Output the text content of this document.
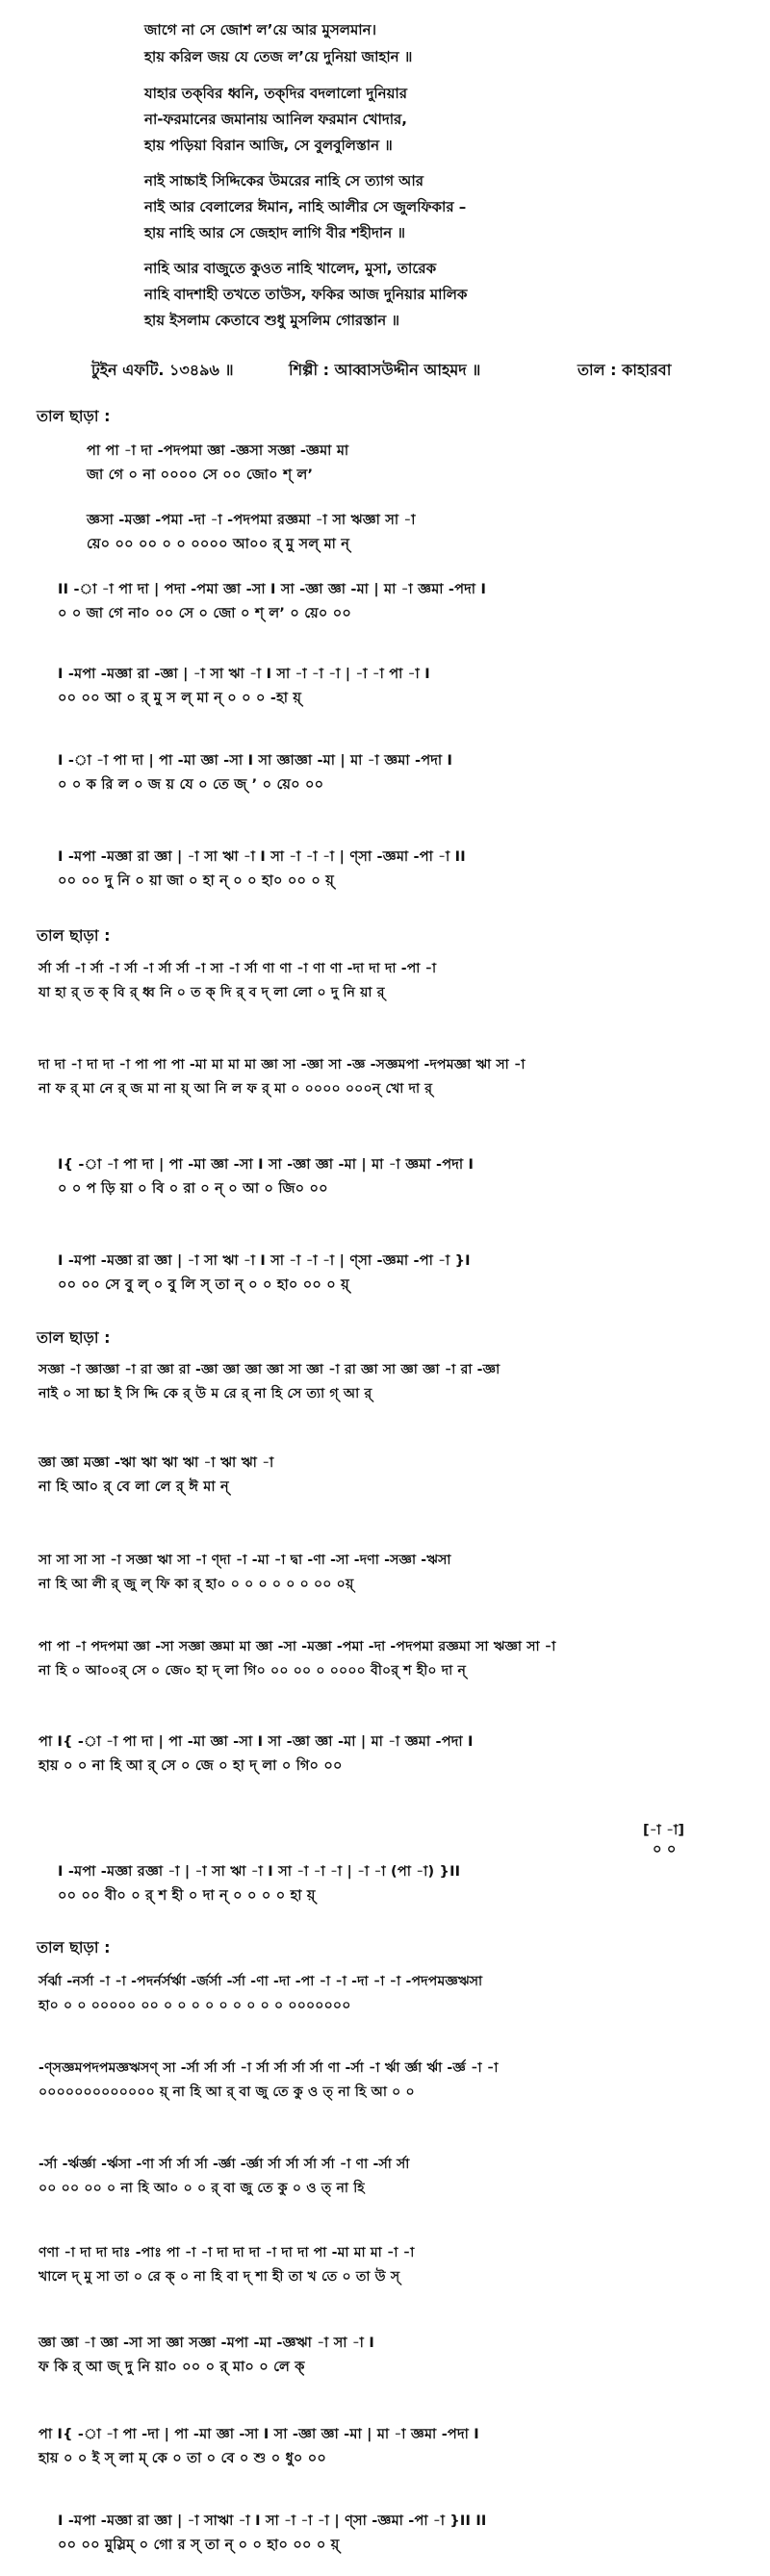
জাগে না সে জোশ ল’য়ে আর মুসলমান।
হায় করিল জয় যে তেজ ল’য়ে দুনিয়া জাহান ॥
যাহার তক্‌বির ধ্বনি, তক্‌দির বদলালো দুনিয়ার
না-ফরমানের জমানায় আনিল ফরমান খোদার,
হায় পড়িয়া বিরান আজি, সে বুলবুলিস্তান ॥
নাই সাচ্চাই সিদ্দিকের উমরের নাহি সে ত্যাগ আর
নাই আর বেলালের ঈমান, নাহি আলীর সে জুলফিকার –
হায় নাহি আর সে জেহাদ লাগি বীর শহীদান ॥
নাহি আর বাজুতে কুওত নাহি খালেদ, মুসা, তারেক
নাহি বাদশাহী তখতে তাউস, ফকির আজ দুনিয়ার মালিক
হায় ইসলাম কেতাবে শুধু মুসলিম গোরস্তান ॥
টুইন এফটি. ১৩৪৯৬ ॥	শিল্পী : আব্বাসউদ্দীন আহমদ ॥	তাল : কাহারবা
তাল ছাড়া :
পা পা -া দা -পদপমা জ্ঞা -জ্ঞসা সজ্ঞা -জ্ঞমা মা
জা গে ০ না ০০০০ সে ০০ জো০ শ্ ল’
জ্ঞসা -মজ্ঞা -পমা -দা -া -পদপমা রজ্ঞমা -া সা ঋজ্ঞা সা -া
য়ে০ ০০ ০০ ০ ০ ০০০০ আ০০ র্ মু সল্ মা ন্
II -া -া পা দা | পদা -পমা জ্ঞা -সা I সা -জ্ঞা জ্ঞা -মা | মা -া জ্ঞমা -পদা I
০ ০ জা গে না০ ০০ সে ০ জো ০ শ্ ল’ ০ য়ে০ ০০
I -মপা -মজ্ঞা রা -জ্ঞা | -া সা ঋা -া I সা -া -া -া | -া -া পা -া I
০০ ০০ আ ০ র্ মু স ল্ মা ন্ ০ ০ ০ -হা য়্
I -া -া পা দা | পা -মা জ্ঞা -সা I সা জ্ঞাজ্ঞা -মা | মা -া জ্ঞমা -পদা I
০ ০ ক রি ল ০ জ য় যে ০ তে জ্ ’ ০ য়ে০ ০০
I -মপা -মজ্ঞা রা জ্ঞা | -া সা ঋা -া I সা -া -া -া | ণ্সা -জ্ঞমা -পা -া II
০০ ০০ দু নি ০ য়া জা ০ হা ন্ ০ ০ হা০ ০০ ০ য়্
তাল ছাড়া :
র্সা র্সা -া র্সা -া র্সা -া র্সা র্সা -া সা -া র্সা ণা ণা -া ণা ণা -দা দা দা -পা -া
যা হা র্ ত ক্ বি র্ ধ্ব নি ০ ত ক্ দি র্ ব দ্ লা লো ০ দু নি য়া র্
দা দা -া দা দা -া পা পা পা -মা মা মা মা জ্ঞা সা -জ্ঞা সা -জ্ঞ -সজ্ঞমপা -দপমজ্ঞা ঋা সা -া
না ফ র্ মা নে র্ জ মা না য়্ আ নি ল ফ র্ মা ০ ০০০০ ০০০ন্ খো দা র্
I{ -া -া পা দা | পা -মা জ্ঞা -সা I সা -জ্ঞা জ্ঞা -মা | মা -া জ্ঞমা -পদা I
০ ০ প ড়ি য়া ০ বি ০ রা ০ ন্ ০ আ ০ জি০ ০০
I -মপা -মজ্ঞা রা জ্ঞা | -া সা ঋা -া I সা -া -া -া | ণ্সা -জ্ঞমা -পা -া }I
০০ ০০ সে বু ল্ ০ বু লি স্ তা ন্ ০ ০ হা০ ০০ ০ য়্
তাল ছাড়া :
সজ্ঞা -া জ্ঞাজ্ঞা -া রা জ্ঞা রা -জ্ঞা জ্ঞা জ্ঞা জ্ঞা সা জ্ঞা -া রা জ্ঞা সা জ্ঞা জ্ঞা -া রা -জ্ঞা
নাই ০ সা চ্চা ই সি দ্দি কে র্ উ ম রে র্ না হি সে ত্যা গ্ আ র্
জ্ঞা জ্ঞা মজ্ঞা -ঋা ঋা ঋা ঋা -া ঋা ঋা -া
না হি আ০ র্ বে লা লে র্ ঈ মা ন্
সা সা সা সা -া সজ্ঞা ঋা সা -া ণ্দা -া -মা -া দ্বা -ণা -সা -দণা -সজ্ঞা -ঋসা
না হি আ লী র্ জু ল্ ফি কা র্ হা০ ০ ০ ০ ০ ০ ০ ০০ ০য়্
পা পা -া পদপমা জ্ঞা -সা সজ্ঞা জ্ঞমা মা জ্ঞা -সা -মজ্ঞা -পমা -দা -পদপমা রজ্ঞমা সা ঋজ্ঞা সা -া
না হি ০ আ০০র্ সে ০ জে০ হা দ্ লা গি০ ০০ ০০ ০ ০০০০ বী০র্ শ হী০ দা ন্
পা I{ -া -া পা দা | পা -মা জ্ঞা -সা I সা -জ্ঞা জ্ঞা -মা | মা -া জ্ঞমা -পদা I
হায় ০ ০ না হি আ র্ সে ০ জে ০ হা দ্ লা ০ গি০ ০০
[-া -া]
০ ০
I -মপা -মজ্ঞা রজ্ঞা -া | -া সা ঋা -া I সা -া -া -া | -া -া (পা -া) }II
০০ ০০ বী০ ০ র্ শ হী ০ দা ন্ ০ ০ ০ ০ হা য়্
তাল ছাড়া :
র্সর্ঝা -নর্সা -া -া -পদর্নর্সর্ঋা -র্জর্সা -র্সা -ণা -দা -পা -া -া -দা -া -া -পদপমজ্ঞঋসা
হা০ ০ ০ ০০০০০ ০০ ০ ০ ০ ০ ০ ০ ০ ০ ০ ০০০০০০০
-ণ্সজ্ঞমপদপমজ্ঞঋসণ্ সা -র্সা র্সা র্সা -া র্সা র্সা র্সা র্সা ণা -র্সা -া র্ঋা র্জ্ঞা র্ঋা -র্জ্ঞ -া -া
০০০০০০০০০০০০০ য়্ না হি আ র্ বা জু তে কু ও ত্ না হি আ ০ ০
-র্সা -র্ঋর্জ্ঞা -র্ঋসা -ণা র্সা র্সা র্সা -র্জ্ঞা -র্জ্ঞা র্সা র্সা র্সা র্সা -া ণা -র্সা র্সা
০০ ০০ ০০ ০ না হি আ০ ০ ০ র্ বা জু তে কু ০ ও ত্ না হি
ণণা -া দা দা দাঃ -পাঃ পা -া -া দা দা দা -া দা দা পা -মা মা মা -া -া
খালে দ্ মু সা তা ০ রে ক্ ০ না হি বা দ্ শা হী তা খ তে ০ তা উ স্
জ্ঞা জ্ঞা -া জ্ঞা -সা সা জ্ঞা সজ্ঞা -মপা -মা -জ্ঞঋা -া সা -া I
ফ কি র্ আ জ্ দু নি য়া০ ০০ ০ র্ মা০ ০ লে ক্
পা I{ -া -া পা -দা | পা -মা জ্ঞা -সা I সা -জ্ঞা জ্ঞা -মা | মা -া জ্ঞমা -পদা I
হায় ০ ০ ই স্ লা ম্ কে ০ তা ০ বে ০ শু ০ ধু০ ০০
I -মপা -মজ্ঞা রা জ্ঞা | -া সাঋা -া I সা -া -া -া | ণ্সা -জ্ঞমা -পা -া }II II
০০ ০০ মুস্লিম্ ০ গো র স্ তা ন্ ০ ০ হা০ ০০ ০ য়্
